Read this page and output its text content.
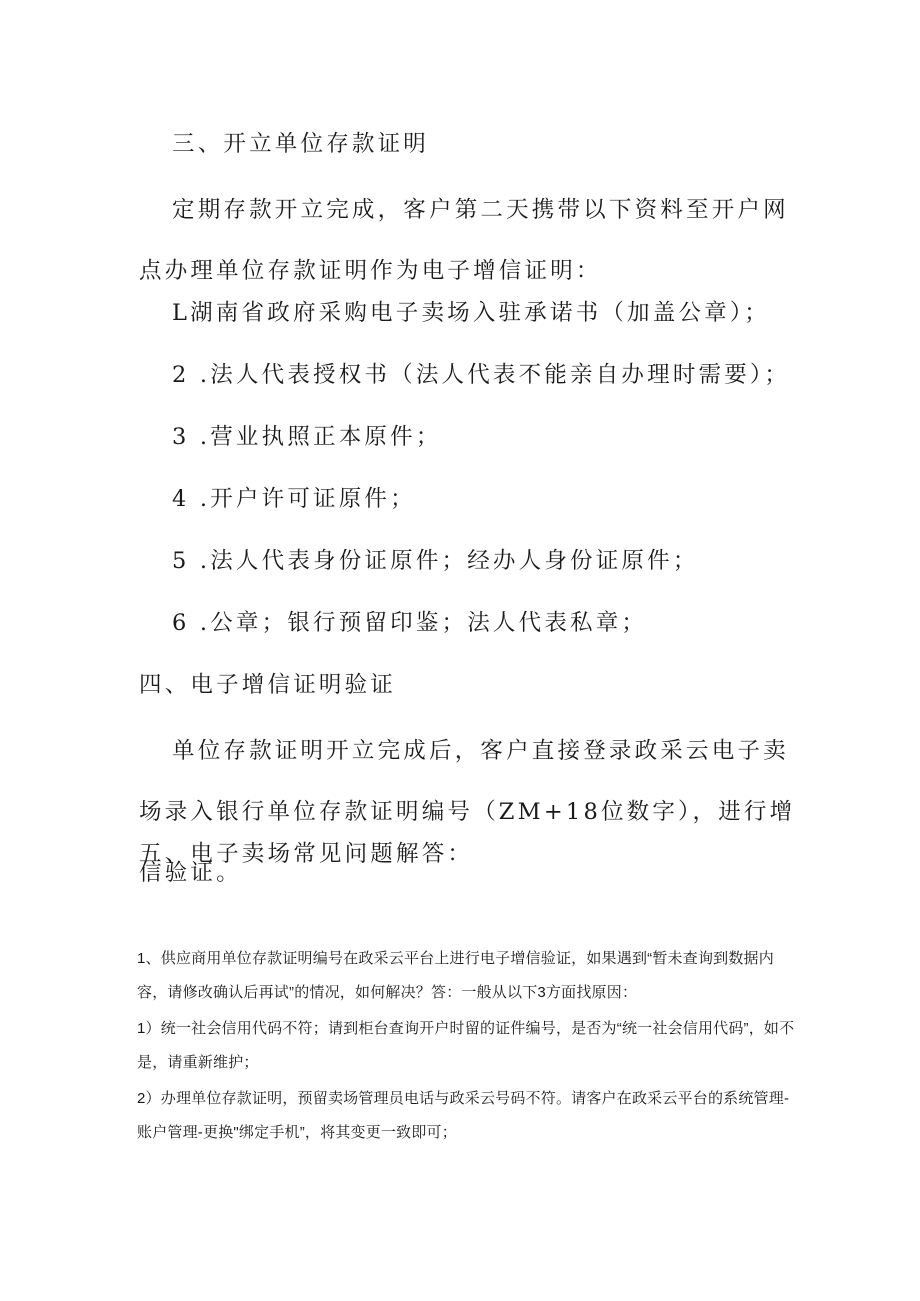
三、开立单位存款证明

定期存款开立完成，客户第二天携带以下资料至开户网点办理单位存款证明作为电子增信证明：

L湖南省政府采购电子卖场入驻承诺书（加盖公章）；

2 .法人代表授权书（法人代表不能亲自办理时需要）；

3 .营业执照正本原件；

4 .开户许可证原件；

5 .法人代表身份证原件；经办人身份证原件；

6 .公章；银行预留印鉴；法人代表私章；

四、电子增信证明验证

单位存款证明开立完成后，客户直接登录政采云电子卖场录入银行单位存款证明编号（ZM+18位数字），进行增信验证。

五、电子卖场常见问题解答：

1、供应商用单位存款证明编号在政采云平台上进行电子增信验证，如果遇到“暂未查询到数据内容，请修改确认后再试”的情况，如何解决？答：一般从以下3方面找原因：

1）统一社会信用代码不符；请到柜台查询开户时留的证件编号，是否为“统一社会信用代码”，如不是，请重新维护；

2）办理单位存款证明，预留卖场管理员电话与政采云号码不符。请客户在政采云平台的系统管理-账户管理-更换"绑定手机”，将其变更一致即可；
